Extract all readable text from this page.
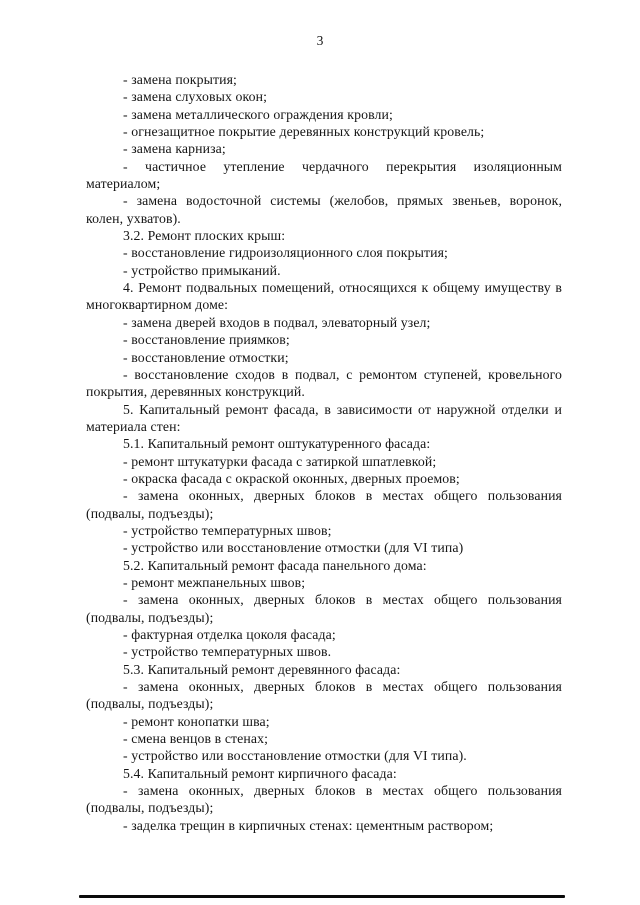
3

- замена покрытия;

- замена слуховых окон;

- замена металлического ограждения кровли;

- огнезащитное покрытие деревянных конструкций кровель;

- замена карниза;

- частичное утепление чердачного перекрытия изоляционным материалом;

- замена водосточной системы (желобов, прямых звеньев, воронок, колен, ухватов).

3.2. Ремонт плоских крыш:

- восстановление гидроизоляционного слоя покрытия;

- устройство примыканий.

4. Ремонт подвальных помещений, относящихся к общему имуществу в многоквартирном доме:

- замена дверей входов в подвал, элеваторный узел;

- восстановление приямков;

- восстановление отмостки;

- восстановление сходов в подвал, с ремонтом ступеней, кровельного покрытия, деревянных конструкций.

5. Капитальный ремонт фасада, в зависимости от наружной отделки и материала стен:

5.1. Капитальный ремонт оштукатуренного фасада:

- ремонт штукатурки фасада с затиркой шпатлевкой;

- окраска фасада с окраской оконных, дверных проемов;

- замена оконных, дверных блоков в местах общего пользования (подвалы, подъезды);

- устройство температурных швов;

- устройство или восстановление отмостки (для VI типа)

5.2. Капитальный ремонт фасада панельного дома:

- ремонт межпанельных швов;

- замена оконных, дверных блоков в местах общего пользования (подвалы, подъезды);

- фактурная отделка цоколя фасада;

- устройство температурных швов.

5.3. Капитальный ремонт деревянного фасада:

- замена оконных, дверных блоков в местах общего пользования (подвалы, подъезды);

- ремонт конопатки шва;

- смена венцов в стенах;

- устройство или восстановление отмостки (для VI типа).

5.4. Капитальный ремонт кирпичного фасада:

- замена оконных, дверных блоков в местах общего пользования (подвалы, подъезды);

- заделка трещин в кирпичных стенах: цементным раствором;
